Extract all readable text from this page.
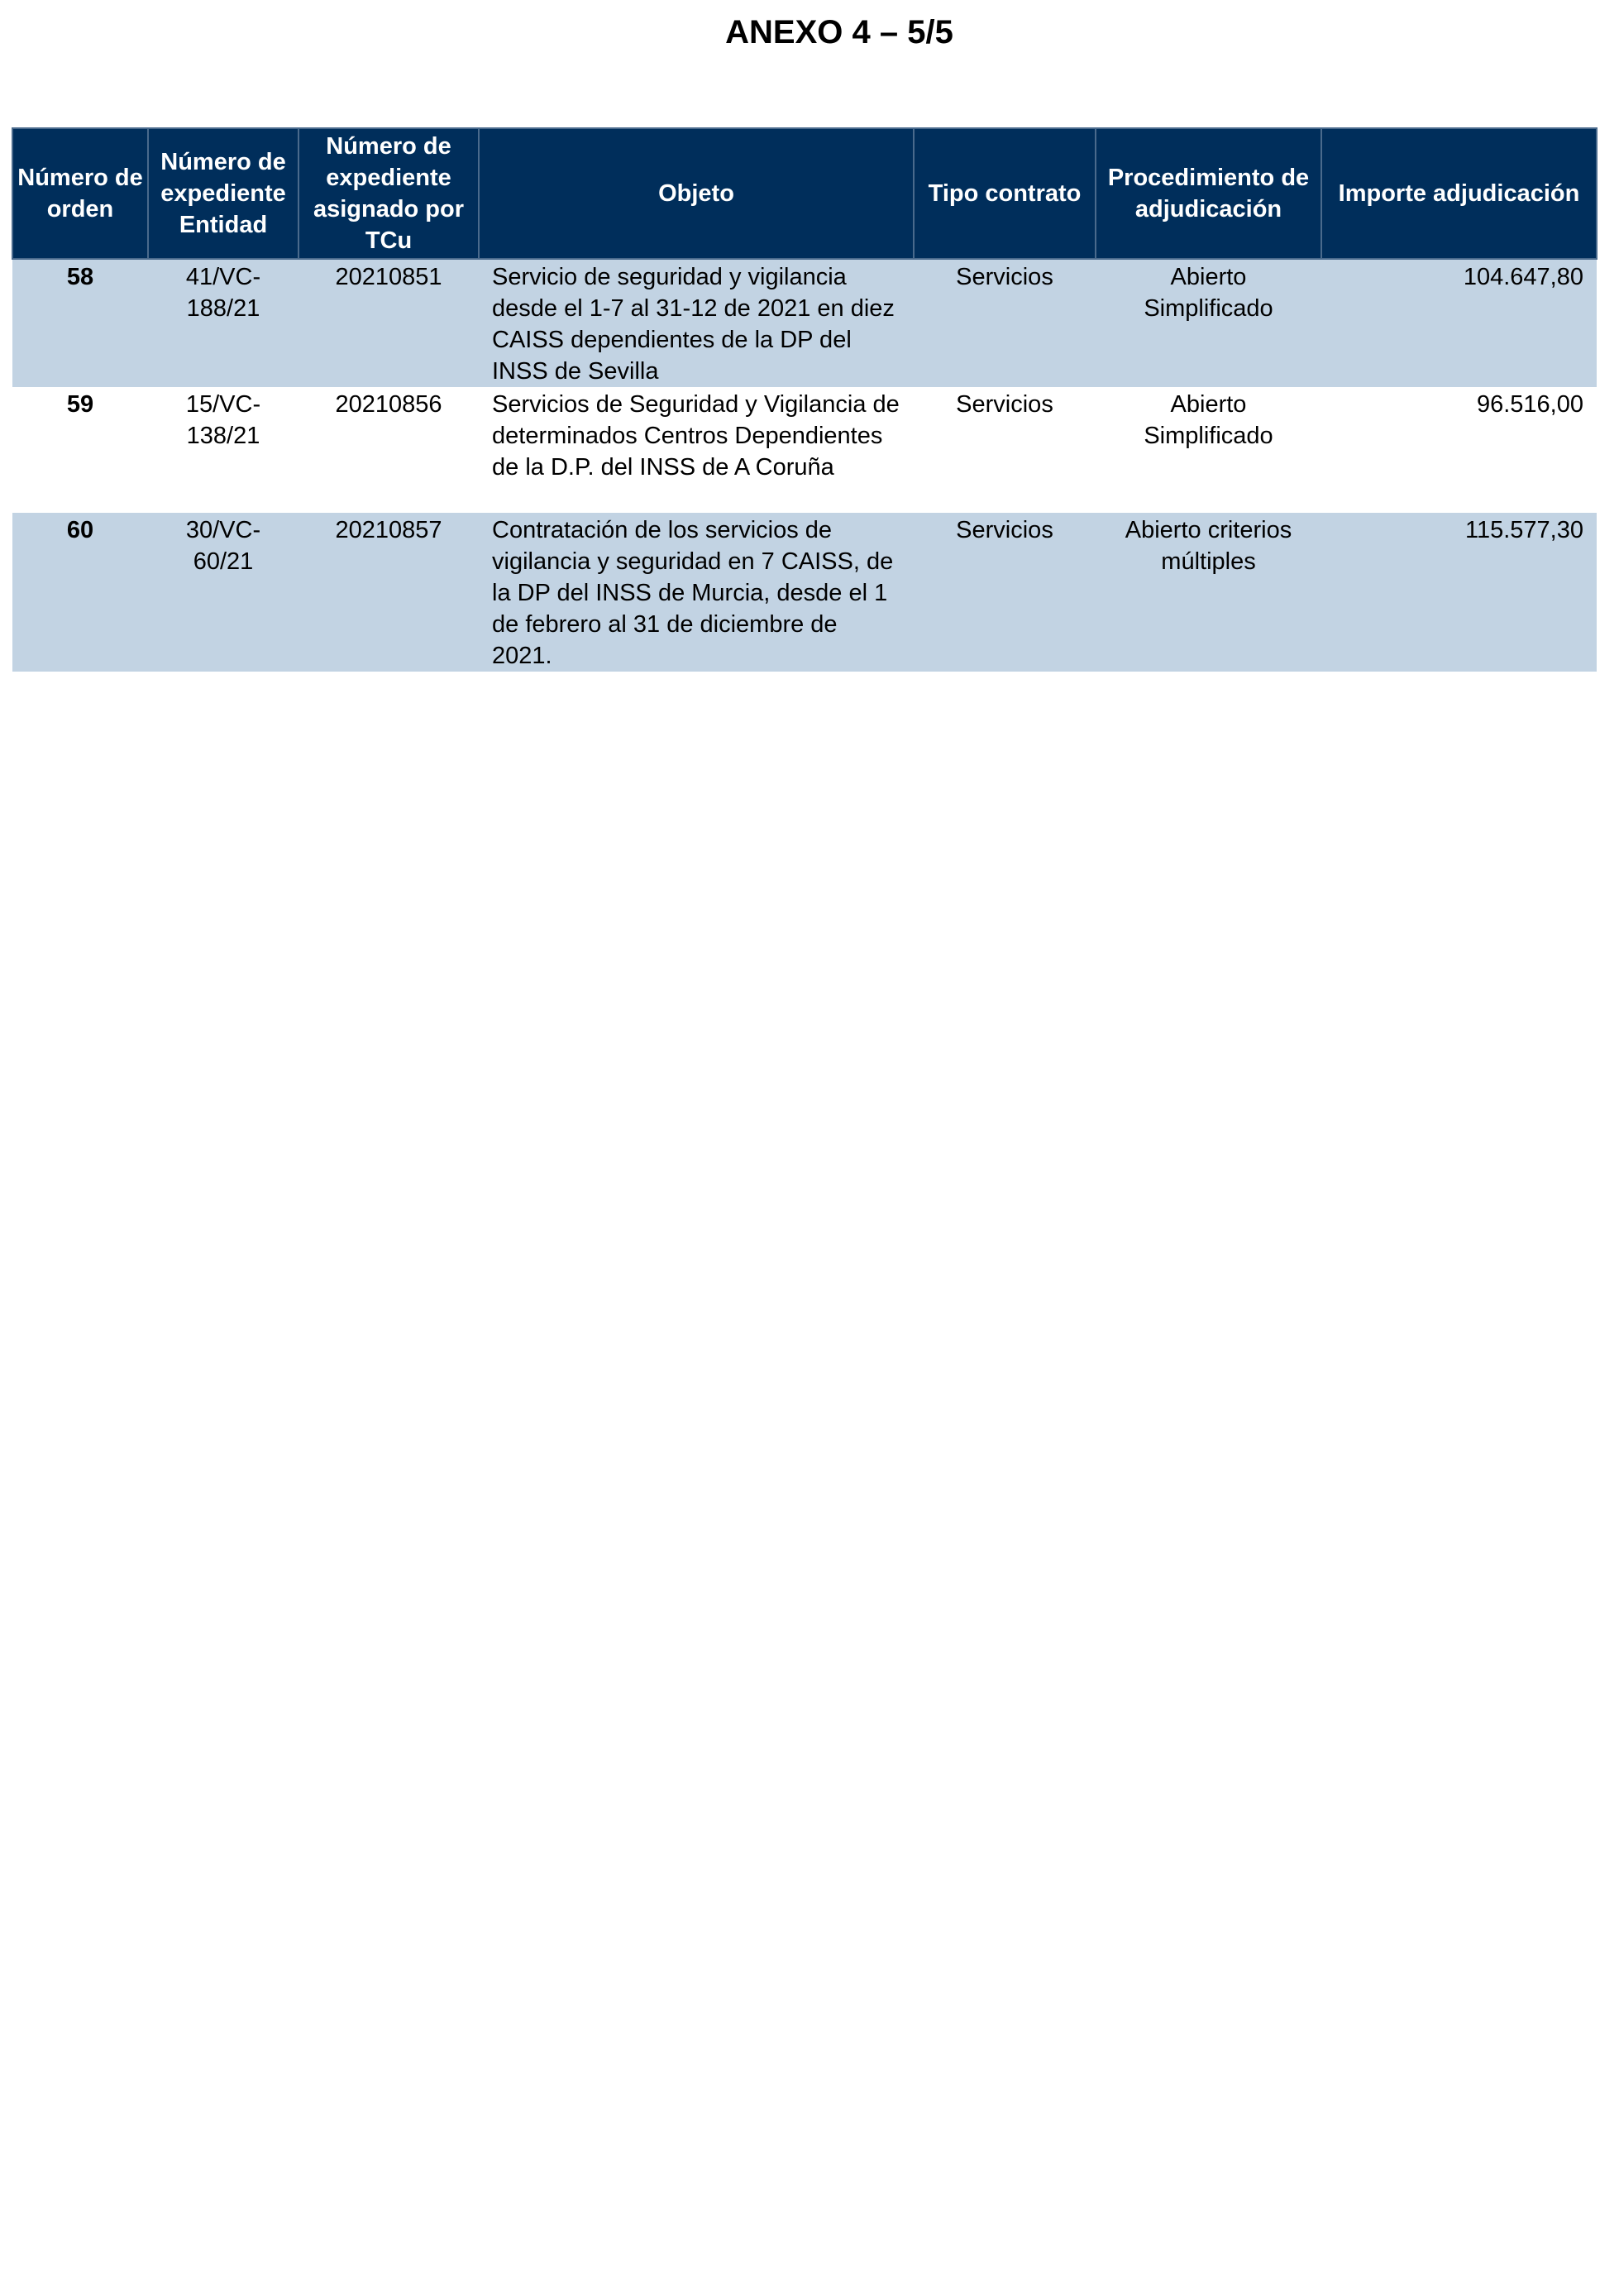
ANEXO 4 – 5/5
Número de orden	Número de expediente Entidad	Número de expediente asignado por TCu	Objeto	Tipo contrato	Procedimiento de adjudicación	Importe adjudicación
58	41/VC-188/21	20210851	Servicio de seguridad y vigilancia desde el 1-7 al 31-12 de 2021 en diez CAISS dependientes de la DP del INSS de Sevilla	Servicios	Abierto Simplificado	104.647,80
59	15/VC-138/21	20210856	Servicios de Seguridad y Vigilancia de determinados Centros Dependientes de la D.P. del INSS de A Coruña	Servicios	Abierto Simplificado	96.516,00
60	30/VC-60/21	20210857	Contratación de los servicios de vigilancia y seguridad en 7 CAISS, de la DP del INSS de Murcia, desde el 1 de febrero al 31 de diciembre de 2021.	Servicios	Abierto criterios múltiples	115.577,30
